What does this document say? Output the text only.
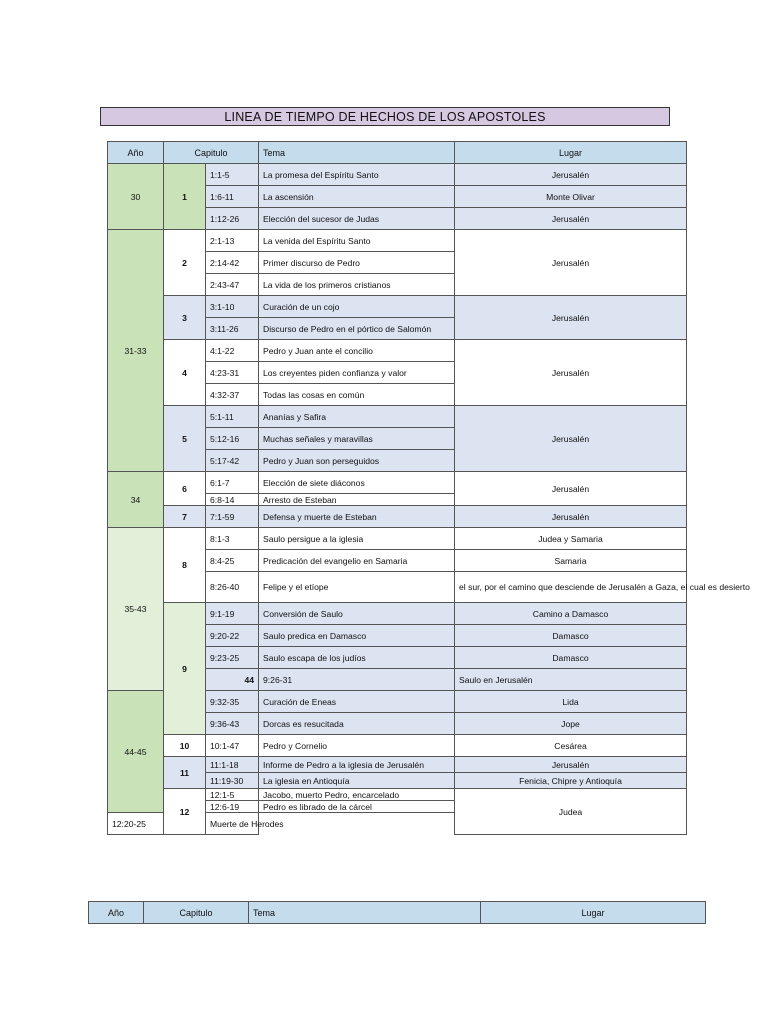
LINEA DE TIEMPO DE HECHOS DE LOS APOSTOLES
Año	Capitulo		Tema	Lugar	
30	1	1:1-5	La promesa del Espíritu Santo	Jerusalén	
		1:6-11	La ascensión	Monte Olivar	
		1:12-26	Elección del sucesor de Judas	Jerusalén	
31-33	2	2:1-13	La venida del Espíritu Santo	Jerusalén	
		2:14-42	Primer discurso de Pedro		
		2:43-47	La vida de los primeros cristianos		
	3	3:1-10	Curación de un cojo	Jerusalén	
		3:11-26	Discurso de Pedro en el pórtico de Salomón		
	4	4:1-22	Pedro y Juan ante el concilio	Jerusalén	
		4:23-31	Los creyentes piden confianza y valor		
		4:32-37	Todas las cosas en común		
	5	5:1-11	Ananías y Safira	Jerusalén	
		5:12-16	Muchas señales y maravillas		
		5:17-42	Pedro y Juan son perseguidos		
34	6	6:1-7	Elección de siete diáconos	Jerusalén	
		6:8-14	Arresto de Esteban		
	7	7:1-59	Defensa y muerte de Esteban	Jerusalén	
35-43	8	8:1-3	Saulo persigue a la iglesia	Judea y Samaria	
		8:4-25	Predicación del evangelio en Samaria	Samaria	
		8:26-40	Felipe y el etíope	el sur, por el camino que desciende de Jerusalén a Gaza, el cual es desierto	
	9	9:1-19	Conversión de Saulo	Camino a Damasco	
		9:20-22	Saulo predica en Damasco	Damasco	
		9:23-25	Saulo escapa de los judíos	Damasco	
		44	9:26-31	Saulo en Jerusalén	
44-45		9:32-35	Curación de Eneas	Lida	
		9:36-43	Dorcas es resucitada	Jope	
	10	10:1-47	Pedro y Cornelio	Cesárea	
	11	11:1-18	Informe de Pedro a la iglesia de Jerusalén	Jerusalén	
		11:19-30	La iglesia en Antioquía	Fenicia, Chipre y Antioquía	
	12	12:1-5	Jacobo, muerto Pedro, encarcelado	Judea	
		12:6-19	Pedro es librado de la cárcel		
12:20-25		Muerte de Herodes			
Año	Capitulo	Tema	Lugar
